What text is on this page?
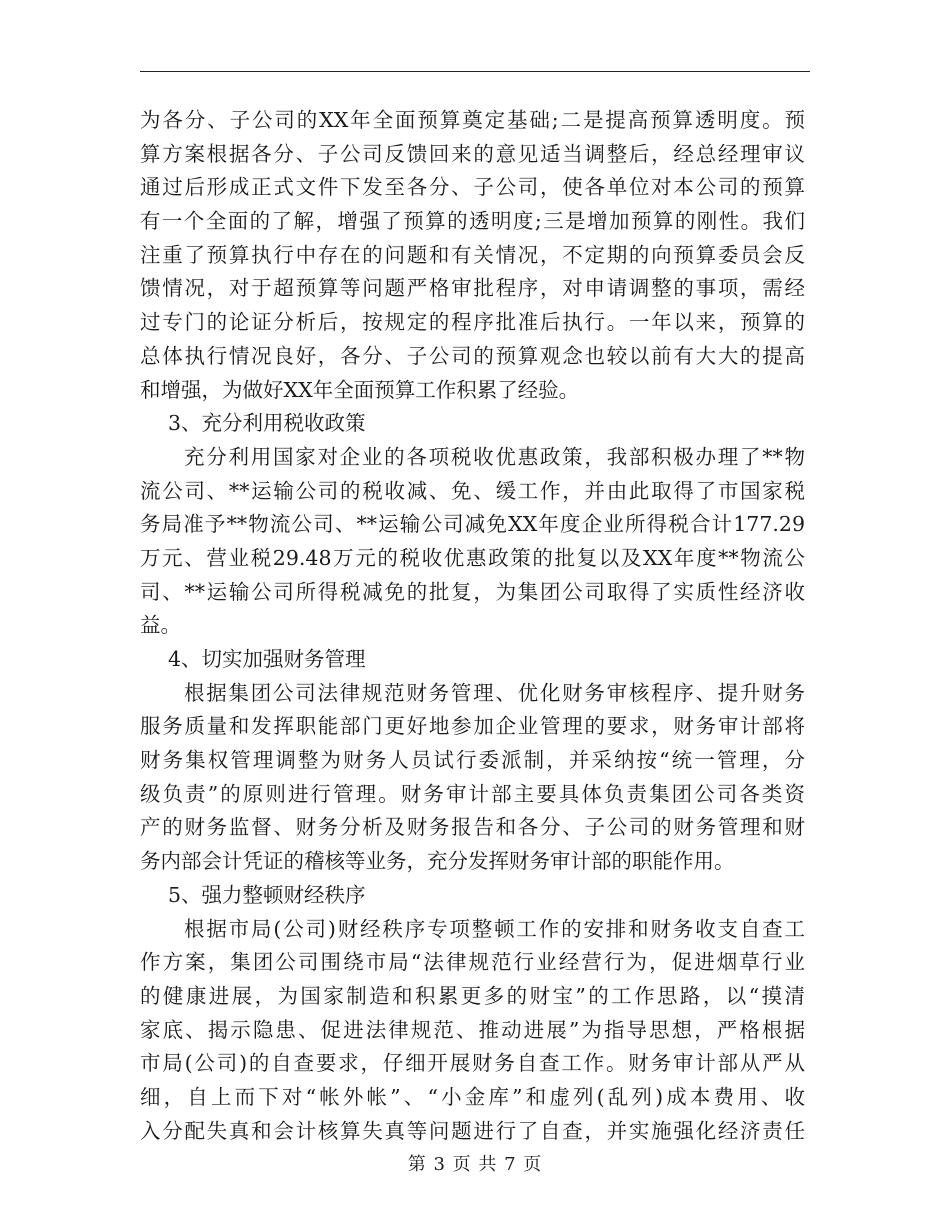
为各分、子公司的XX年全面预算奠定基础;二是提高预算透明度。预
算方案根据各分、子公司反馈回来的意见适当调整后，经总经理审议
通过后形成正式文件下发至各分、子公司，使各单位对本公司的预算
有一个全面的了解，增强了预算的透明度;三是增加预算的刚性。我们
注重了预算执行中存在的问题和有关情况，不定期的向预算委员会反
馈情况，对于超预算等问题严格审批程序，对申请调整的事项，需经
过专门的论证分析后，按规定的程序批准后执行。一年以来，预算的
总体执行情况良好，各分、子公司的预算观念也较以前有大大的提高
和增强，为做好XX年全面预算工作积累了经验。
3、充分利用税收政策
充分利用国家对企业的各项税收优惠政策，我部积极办理了**物
流公司、**运输公司的税收减、免、缓工作，并由此取得了市国家税
务局准予**物流公司、**运输公司减免XX年度企业所得税合计177.29
万元、营业税29.48万元的税收优惠政策的批复以及XX年度**物流公
司、**运输公司所得税减免的批复，为集团公司取得了实质性经济收
益。
4、切实加强财务管理
根据集团公司法律规范财务管理、优化财务审核程序、提升财务
服务质量和发挥职能部门更好地参加企业管理的要求，财务审计部将
财务集权管理调整为财务人员试行委派制，并采纳按“统一管理，分
级负责”的原则进行管理。财务审计部主要具体负责集团公司各类资
产的财务监督、财务分析及财务报告和各分、子公司的财务管理和财
务内部会计凭证的稽核等业务，充分发挥财务审计部的职能作用。
5、强力整顿财经秩序
根据市局(公司)财经秩序专项整顿工作的安排和财务收支自查工
作方案，集团公司围绕市局“法律规范行业经营行为，促进烟草行业
的健康进展，为国家制造和积累更多的财宝”的工作思路，以“摸清
家底、揭示隐患、促进法律规范、推动进展”为指导思想，严格根据
市局(公司)的自查要求，仔细开展财务自查工作。财务审计部从严从
细，自上而下对“帐外帐”、“小金库”和虚列(乱列)成本费用、收
入分配失真和会计核算失真等问题进行了自查，并实施强化经济责任
第 3 页 共 7 页
